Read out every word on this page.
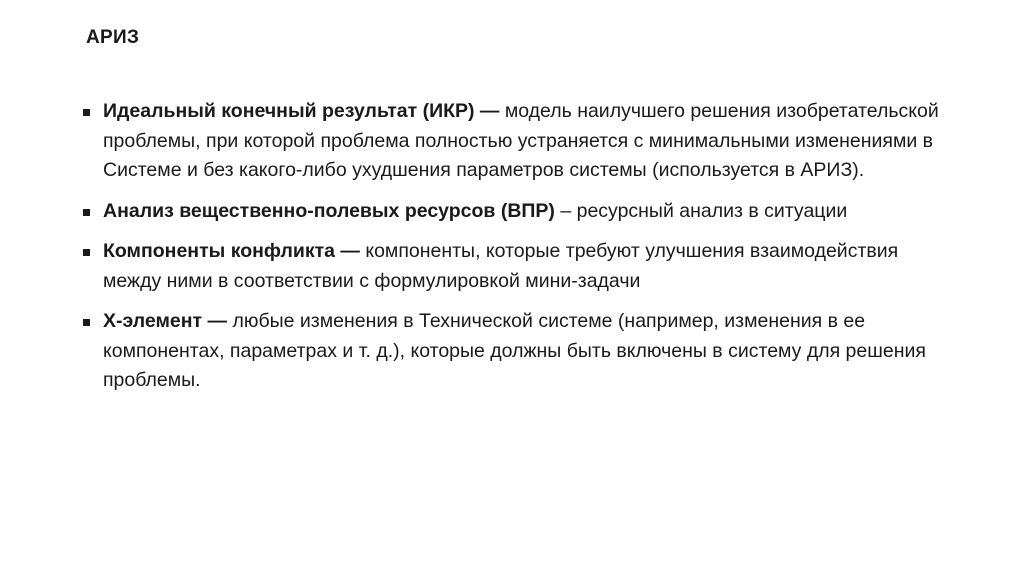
АРИЗ
Идеальный конечный результат (ИКР) — модель наилучшего решения изобретательской проблемы, при которой проблема полностью устраняется с минимальными изменениями в Системе и без какого-либо ухудшения параметров системы (используется в АРИЗ).
Анализ вещественно-полевых ресурсов (ВПР) – ресурсный анализ в ситуации
Компоненты конфликта — компоненты, которые требуют улучшения взаимодействия между ними в соответствии с формулировкой мини-задачи
Х-элемент — любые изменения в Технической системе (например, изменения в ее компонентах, параметрах и т. д.), которые должны быть включены в систему для решения проблемы.
